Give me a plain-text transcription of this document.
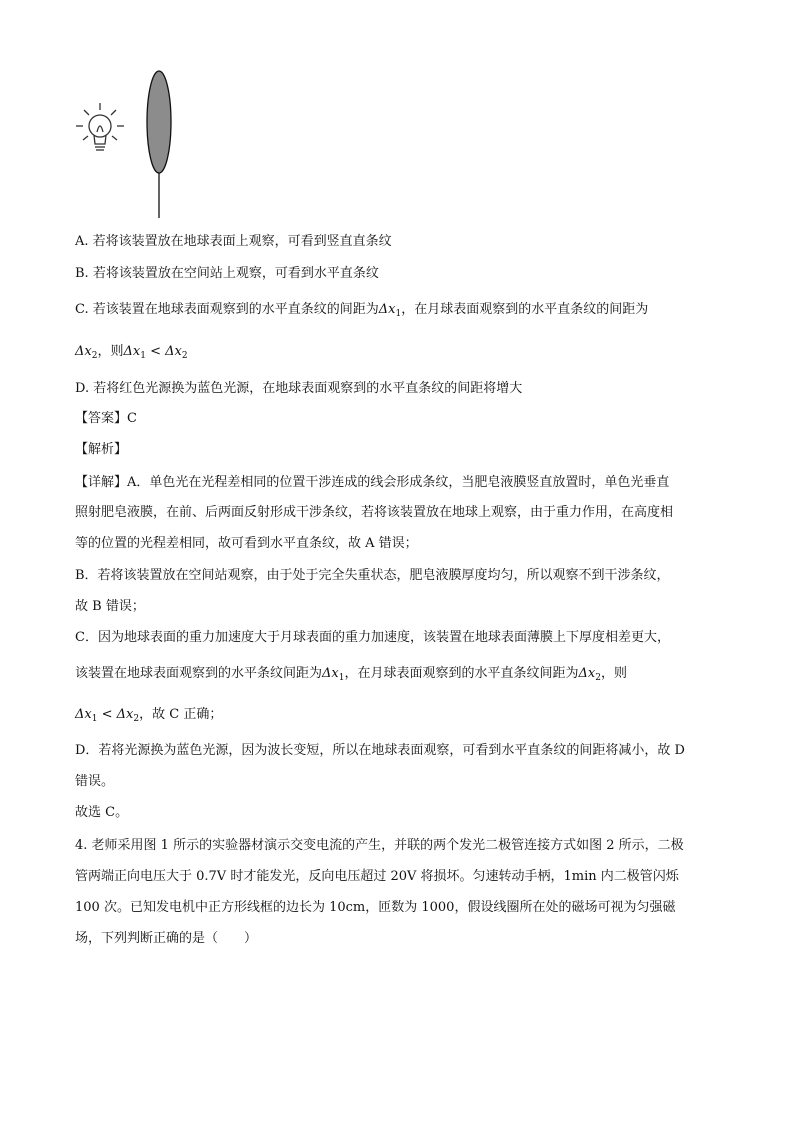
A. 若将该装置放在地球表面上观察，可看到竖直直条纹
B. 若将该装置放在空间站上观察，可看到水平直条纹
C. 若该装置在地球表面观察到的水平直条纹的间距为$\Delta x_1$，在月球表面观察到的水平直条纹的间距为
$\Delta x_2$，则$\Delta x_1 < \Delta x_2$
D. 若将红色光源换为蓝色光源，在地球表面观察到的水平直条纹的间距将增大
【答案】C
【解析】
【详解】A．单色光在光程差相同的位置干涉连成的线会形成条纹，当肥皂液膜竖直放置时，单色光垂直
照射肥皂液膜，在前、后两面反射形成干涉条纹，若将该装置放在地球上观察，由于重力作用，在高度相
等的位置的光程差相同，故可看到水平直条纹，故 A 错误；
B．若将该装置放在空间站观察，由于处于完全失重状态，肥皂液膜厚度均匀，所以观察不到干涉条纹，
故 B 错误；
C．因为地球表面的重力加速度大于月球表面的重力加速度，该装置在地球表面薄膜上下厚度相差更大，
该装置在地球表面观察到的水平条纹间距为$\Delta x_1$，在月球表面观察到的水平直条纹间距为$\Delta x_2$，则
$\Delta x_1 < \Delta x_2$，故 C 正确；
D．若将光源换为蓝色光源，因为波长变短，所以在地球表面观察，可看到水平直条纹的间距将减小，故 D
错误。
故选 C。
4. 老师采用图 1 所示的实验器材演示交变电流的产生，并联的两个发光二极管连接方式如图 2 所示，二极
管两端正向电压大于 0.7V 时才能发光，反向电压超过 20V 将损坏。匀速转动手柄，1min 内二极管闪烁
100 次。已知发电机中正方形线框的边长为 10cm，匝数为 1000，假设线圈所在处的磁场可视为匀强磁
场，下列判断正确的是（　　）
